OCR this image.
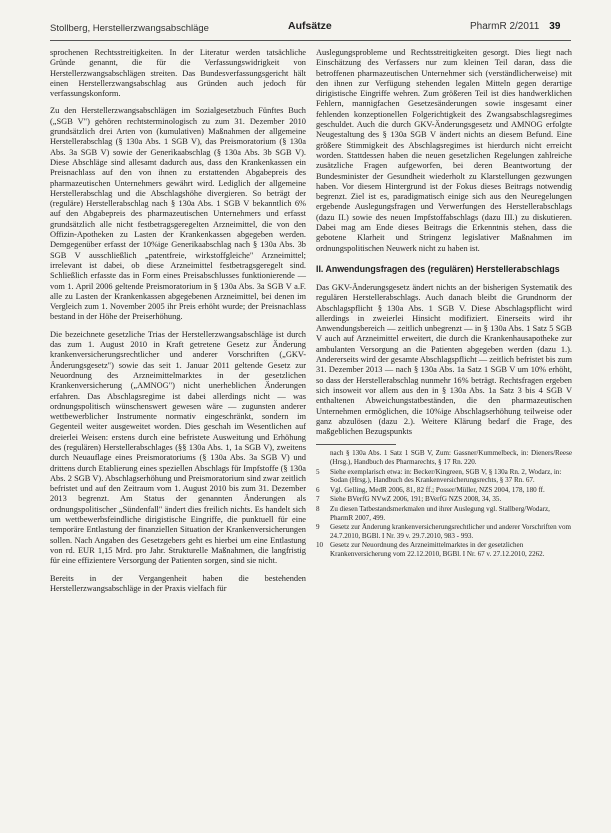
Stollberg, Herstellerzwangsabschläge	Aufsätze	PharmR 2/2011 39

sprochenen Rechtsstreitigkeiten. In der Literatur werden tatsächliche Gründe genannt, die für die Verfassungswidrigkeit von Herstellerzwangsabschlägen streiten. Das Bundesverfassungsgericht hält einen Herstellerzwangsabschlag aus Gründen auch jedoch für verfassungskonform.

Zu den Herstellerzwangsabschlägen im Sozialgesetzbuch Fünftes Buch („SGB V") gehören rechtsterminologisch zu zum 31. Dezember 2010 grundsätzlich drei Arten von (kumulativen) Maßnahmen der allgemeine Herstellerabschlag (§ 130a Abs. 1 SGB V), das Preismoratorium (§ 130a Abs. 3a SGB V) sowie der Generikaabschlag (§ 130a Abs. 3b SGB V). Diese Abschläge sind allesamt dadurch aus, dass den Krankenkassen ein Preisnachlass auf den von ihnen zu erstattenden Abgabepreis des pharmazeutischen Unternehmers gewährt wird. Lediglich der allgemeine Herstellerabschlag und die Abschlagshöhe divergieren. So beträgt der (reguläre) Herstellerabschlag nach § 130a Abs. 1 SGB V bekanntlich 6% auf den Abgabepreis des pharmazeutischen Unternehmers und erfasst grundsätzlich alle nicht festbetragsgeregelten Arzneimittel, die von den Offizin-Apotheken zu Lasten der Krankenkassen abgegeben werden. Demgegenüber erfasst der 10%ige Generikaabschlag nach § 130a Abs. 3b SGB V ausschließlich „patentfreie, wirkstoffgleiche" Arzneimittel; irrelevant ist dabei, ob diese Arzneimittel festbetragsgeregelt sind. Schließlich erfasste das in Form eines Preisabschlusses funktionierende — vom 1. April 2006 geltende Preismoratorium in § 130a Abs. 3a SGB V a.F. alle zu Lasten der Krankenkassen abgegebenen Arzneimittel, bei denen im Vergleich zum 1. November 2005 ihr Preis erhöht wurde; der Preisnachlass bestand in der Höhe der Preiserhöhung.

Die bezeichnete gesetzliche Trias der Herstellerzwangsabschläge ist durch das zum 1. August 2010 in Kraft getretene Gesetz zur Änderung krankenversicherungsrechtlicher und anderer Vorschriften („GKV-Änderungsgesetz") sowie das seit 1. Januar 2011 geltende Gesetz zur Neuordnung des Arzneimittelmarktes in der gesetzlichen Krankenversicherung („AMNOG") nicht unerheblichen Änderungen erfahren. Das Abschlagsregime ist dabei allerdings nicht — was ordnungspolitisch wünschenswert gewesen wäre — zugunsten anderer wettbewerblicher Instrumente normativ eingeschränkt, sondern im Gegenteil weiter ausgeweitet worden. Dies geschah im Wesentlichen auf dreierlei Weisen: erstens durch eine befristete Ausweitung und Erhöhung des (regulären) Herstellerabschlages (§§ 130a Abs. 1, 1a SGB V), zweitens durch Neuauflage eines Preismoratoriums (§ 130a Abs. 3a SGB V) und drittens durch Etablierung eines speziellen Abschlags für Impfstoffe (§ 130a Abs. 2 SGB V). Abschlagserhöhung und Preismoratorium sind zwar zeitlich befristet und auf den Zeitraum vom 1. August 2010 bis zum 31. Dezember 2013 begrenzt. Am Status der genannten Änderungen als ordnungspolitischer „Sündenfall" ändert dies freilich nichts. Es handelt sich um wettbewerbsfeindliche dirigistische Eingriffe, die punktuell für eine temporäre Entlastung der finanziellen Situation der Krankenversicherungen sollen. Nach Angaben des Gesetzgebers geht es hierbei um eine Entlastung von rd. EUR 1,15 Mrd. pro Jahr. Strukturelle Maßnahmen, die langfristig für eine effizientere Versorgung der Patienten sorgen, sind sie nicht.

Bereits in der Vergangenheit haben die bestehenden Herstellerzwangsabschläge in der Praxis vielfach für

Auslegungsprobleme und Rechtsstreitigkeiten gesorgt. Dies liegt nach Einschätzung des Verfassers nur zum kleinen Teil daran, dass die betroffenen pharmazeutischen Unternehmer sich (verständlicherweise) mit den ihnen zur Verfügung stehenden legalen Mitteln gegen derartige dirigistische Eingriffe wehren. Zum größeren Teil ist dies handwerklichen Fehlern, mannigfachen Gesetzesänderungen sowie insgesamt einer fehlenden konzeptionellen Folgerichtigkeit des Zwangsabschlagsregimes geschuldet. Auch die durch GKV-Änderungsgesetz und AMNOG erfolgte Neugestaltung des § 130a SGB V ändert nichts an diesem Befund. Eine größere Stimmigkeit des Abschlagsregimes ist hierdurch nicht erreicht worden. Stattdessen haben die neuen gesetzlichen Regelungen zahlreiche zusätzliche Fragen aufgeworfen, bei deren Beantwortung der Bundesminister der Gesundheit wiederholt zu Klarstellungen gezwungen haben. Vor diesem Hintergrund ist der Fokus dieses Beitrags notwendig begrenzt. Ziel ist es, paradigmatisch einige sich aus den Neuregelungen ergebende Auslegungsfragen und Verwerfungen des Herstellerabschlags (dazu II.) sowie des neuen Impfstoffabschlags (dazu III.) zu diskutieren. Dabei mag am Ende dieses Beitrags die Erkenntnis stehen, dass die gebotene Klarheit und Stringenz legislativer Maßnahmen im ordnungspolitischen Neuwerk nicht zu haben ist.

II. Anwendungsfragen des (regulären) Herstellerabschlags

Das GKV-Änderungsgesetz ändert nichts an der bisherigen Systematik des regulären Herstellerabschlags. Auch danach bleibt die Grundnorm der Abschlagspflicht § 130a Abs. 1 SGB V. Diese Abschlagspflicht wird allerdings in zweierlei Hinsicht modifiziert. Einerseits wird ihr Anwendungsbereich — zeitlich unbegrenzt — in § 130a Abs. 1 Satz 5 SGB V auch auf Arzneimittel erweitert, die durch die Krankenhausapotheke zur ambulanten Versorgung an die Patienten abgegeben werden (dazu 1.). Andererseits wird der gesamte Abschlagspflicht — zeitlich befristet bis zum 31. Dezember 2013 — nach § 130a Abs. 1a Satz 1 SGB V um 10% erhöht, so dass der Herstellerabschlag nunmehr 16% beträgt. Rechtsfragen ergeben sich insoweit vor allem aus den in § 130a Abs. 1a Satz 3 bis 4 SGB V enthaltenen Abweichungstatbeständen, die den pharmazeutischen Unternehmen ermöglichen, die 10%ige Abschlagserhöhung teilweise oder ganz abzulösen (dazu 2.). Weitere Klärung bedarf die Frage, des maßgeblichen Bezugspunkts

nach § 130a Abs. 1 Satz 1 SGB V, Zum: Gassner/Kummelbeck, in: Dieners/Reese (Hrsg.), Handbuch des Pharmarechts, § 17 Rn. 220.
5	Siehe exemplarisch etwa: in: Becker/Kingreen, SGB V, § 130a Rn. 2, Wodarz, in: Sodan (Hrsg.), Handbuch des Krankenversicherungsrechts, § 37 Rn. 67.
6	Vgl. Gelling, MedR 2006, 81, 82 ff.; Posser/Müller, NZS 2004, 178, 180 ff.
7	Siehe BVerfG NVwZ 2006, 191; BVerfG NZS 2008, 34, 35.
8	Zu diesen Tatbestandsmerkmalen und ihrer Auslegung vgl. Stallberg/Wodarz, PharmR 2007, 499.
9	Gesetz zur Änderung krankenversicherungsrechtlicher und anderer Vorschriften vom 24.7.2010, BGBl. I Nr. 39 v. 29.7.2010, 983 - 993.
10 Gesetz zur Neuordnung des Arzneimittelmarktes in der gesetzlichen Krankenversicherung vom 22.12.2010, BGBl. I Nr. 67 v. 27.12.2010, 2262.
